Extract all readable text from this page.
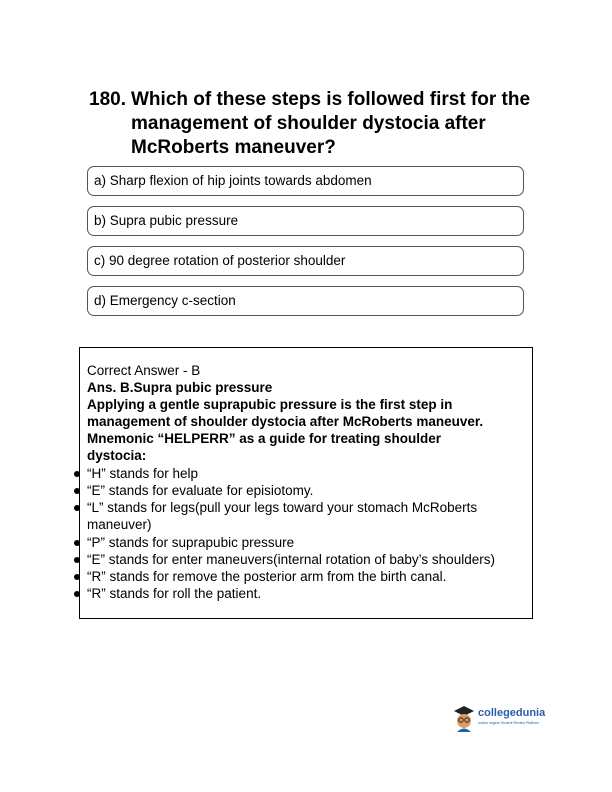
180. Which of these steps is followed first for the management of shoulder dystocia after McRoberts maneuver?
a) Sharp flexion of hip joints towards abdomen
b) Supra pubic pressure
c) 90 degree rotation of posterior shoulder
d) Emergency c-section
Correct Answer - B
Ans. B.Supra pubic pressure
Applying a gentle suprapubic pressure is the first step in
management of shoulder dystocia after McRoberts maneuver.
Mnemonic “HELPERR” as a guide for treating shoulder
dystocia:
“H” stands for help
“E” stands for evaluate for episiotomy.
“L” stands for legs(pull your legs toward your stomach McRoberts maneuver)
“P” stands for suprapubic pressure
“E” stands for enter maneuvers(internal rotation of baby’s shoulders)
“R” stands for remove the posterior arm from the birth canal.
“R” stands for roll the patient.
collegedunia
India's largest Student Review Platform
